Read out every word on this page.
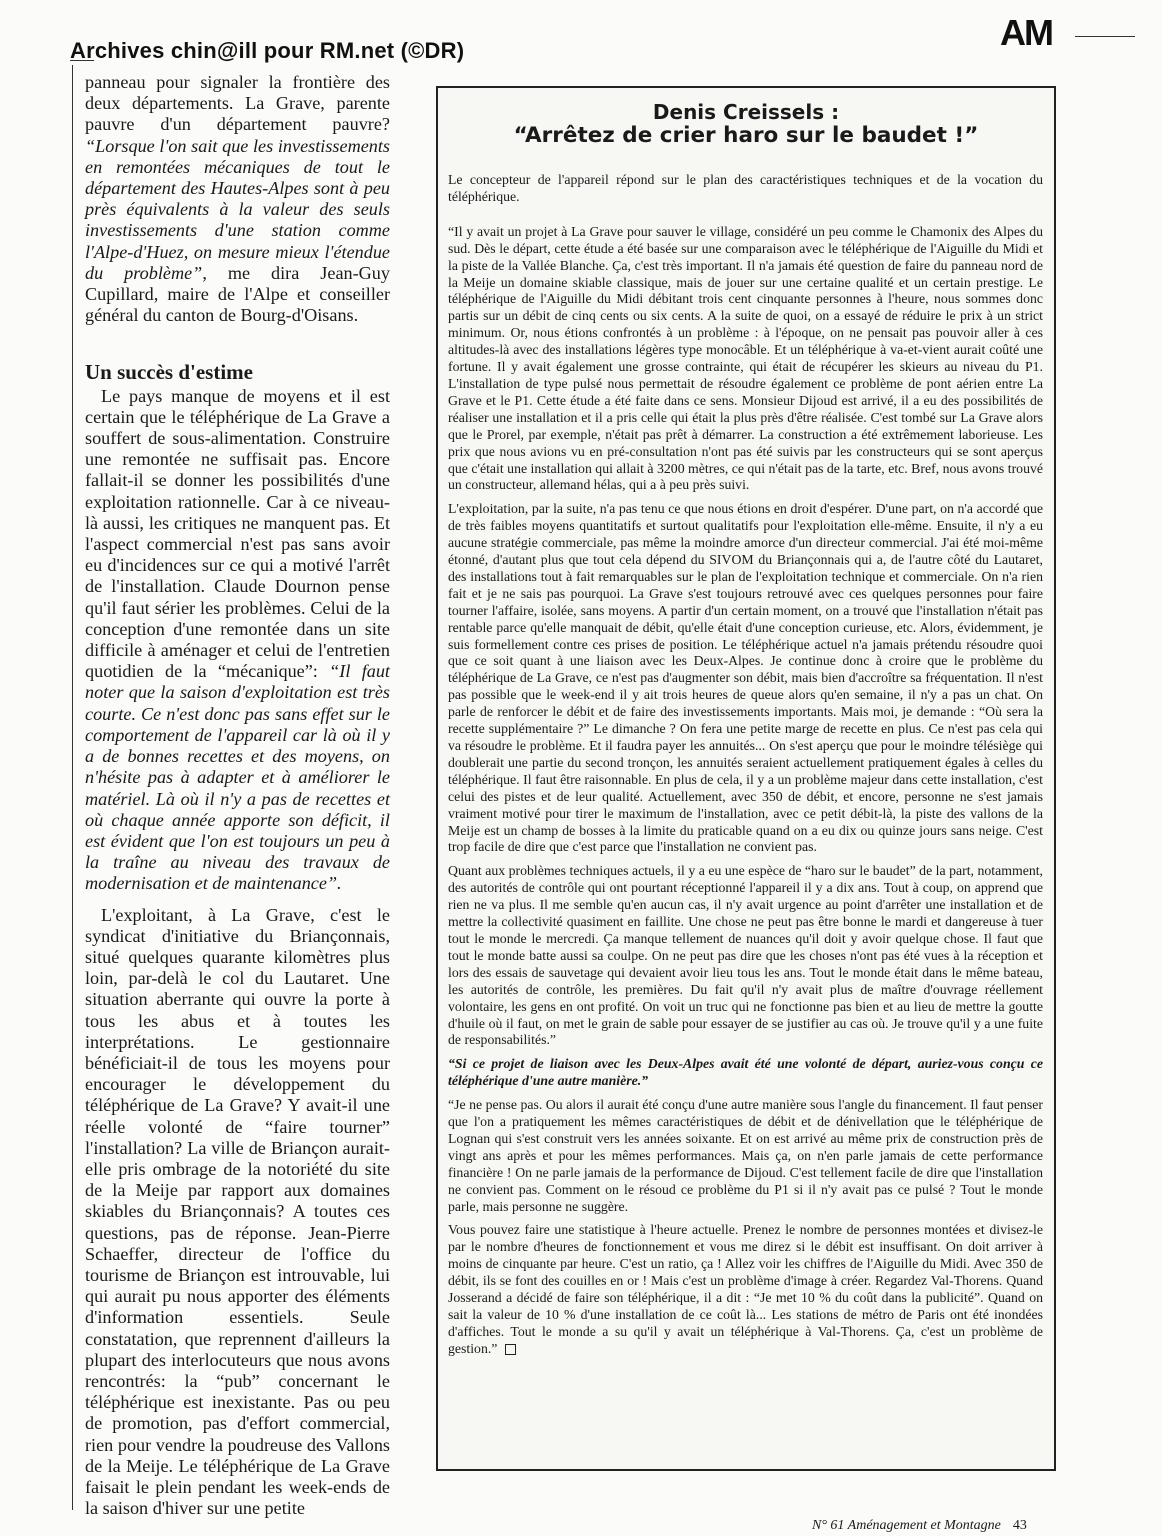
Archives chin@ill pour RM.net (©DR)	AM

panneau pour signaler la frontière des deux départements. La Grave, parente pauvre d'un département pauvre? “Lorsque l'on sait que les investissements en remontées mécaniques de tout le département des Hautes-Alpes sont à peu près équivalents à la valeur des seuls investissements d'une station comme l'Alpe-d'Huez, on mesure mieux l'étendue du problème”, me dira Jean-Guy Cupillard, maire de l'Alpe et conseiller général du canton de Bourg-d'Oisans.

Un succès d'estime

Le pays manque de moyens et il est certain que le téléphérique de La Grave a souffert de sous-alimentation. Construire une remontée ne suffisait pas. Encore fallait-il se donner les possibilités d'une exploitation rationnelle. Car à ce niveau-là aussi, les critiques ne manquent pas. Et l'aspect commercial n'est pas sans avoir eu d'incidences sur ce qui a motivé l'arrêt de l'installation. Claude Dournon pense qu'il faut sérier les problèmes. Celui de la conception d'une remontée dans un site difficile à aménager et celui de l'entretien quotidien de la “mécanique”: “Il faut noter que la saison d'exploitation est très courte. Ce n'est donc pas sans effet sur le comportement de l'appareil car là où il y a de bonnes recettes et des moyens, on n'hésite pas à adapter et à améliorer le matériel. Là où il n'y a pas de recettes et où chaque année apporte son déficit, il est évident que l'on est toujours un peu à la traîne au niveau des travaux de modernisation et de maintenance”.

L'exploitant, à La Grave, c'est le syndicat d'initiative du Briançonnais, situé quelques quarante kilomètres plus loin, par-delà le col du Lautaret. Une situation aberrante qui ouvre la porte à tous les abus et à toutes les interprétations. Le gestionnaire bénéficiait-il de tous les moyens pour encourager le développement du téléphérique de La Grave? Y avait-il une réelle volonté de “faire tourner” l'installation? La ville de Briançon aurait-elle pris ombrage de la notoriété du site de la Meije par rapport aux domaines skiables du Briançonnais? A toutes ces questions, pas de réponse. Jean-Pierre Schaeffer, directeur de l'office du tourisme de Briançon est introuvable, lui qui aurait pu nous apporter des éléments d'information essentiels. Seule constatation, que reprennent d'ailleurs la plupart des interlocuteurs que nous avons rencontrés: la “pub” concernant le téléphérique est inexistante. Pas ou peu de promotion, pas d'effort commercial, rien pour vendre la poudreuse des Vallons de la Meije. Le téléphérique de La Grave faisait le plein pendant les week-ends de la saison d'hiver sur une petite

Denis Creissels :
“Arrêtez de crier haro sur le baudet !”

Le concepteur de l'appareil répond sur le plan des caractéristiques techniques et de la vocation du téléphérique.

“Il y avait un projet à La Grave pour sauver le village, considéré un peu comme le Chamonix des Alpes du sud. Dès le départ, cette étude a été basée sur une comparaison avec le téléphérique de l'Aiguille du Midi et la piste de la Vallée Blanche. Ça, c'est très important. Il n'a jamais été question de faire du panneau nord de la Meije un domaine skiable classique, mais de jouer sur une certaine qualité et un certain prestige. Le téléphérique de l'Aiguille du Midi débitant trois cent cinquante personnes à l'heure, nous sommes donc partis sur un débit de cinq cents ou six cents. A la suite de quoi, on a essayé de réduire le prix à un strict minimum. Or, nous étions confrontés à un problème : à l'époque, on ne pensait pas pouvoir aller à ces altitudes-là avec des installations légères type monocâble. Et un téléphérique à va-et-vient aurait coûté une fortune. Il y avait également une grosse contrainte, qui était de récupérer les skieurs au niveau du P1. L'installation de type pulsé nous permettait de résoudre également ce problème de pont aérien entre La Grave et le P1. Cette étude a été faite dans ce sens. Monsieur Dijoud est arrivé, il a eu des possibilités de réaliser une installation et il a pris celle qui était la plus près d'être réalisée. C'est tombé sur La Grave alors que le Prorel, par exemple, n'était pas prêt à démarrer. La construction a été extrêmement laborieuse. Les prix que nous avions vu en pré-consultation n'ont pas été suivis par les constructeurs qui se sont aperçus que c'était une installation qui allait à 3200 mètres, ce qui n'était pas de la tarte, etc. Bref, nous avons trouvé un constructeur, allemand hélas, qui a à peu près suivi.

L'exploitation, par la suite, n'a pas tenu ce que nous étions en droit d'espérer. D'une part, on n'a accordé que de très faibles moyens quantitatifs et surtout qualitatifs pour l'exploitation elle-même. Ensuite, il n'y a eu aucune stratégie commerciale, pas même la moindre amorce d'un directeur commercial. J'ai été moi-même étonné, d'autant plus que tout cela dépend du SIVOM du Briançonnais qui a, de l'autre côté du Lautaret, des installations tout à fait remarquables sur le plan de l'exploitation technique et commerciale. On n'a rien fait et je ne sais pas pourquoi. La Grave s'est toujours retrouvé avec ces quelques personnes pour faire tourner l'affaire, isolée, sans moyens. A partir d'un certain moment, on a trouvé que l'installation n'était pas rentable parce qu'elle manquait de débit, qu'elle était d'une conception curieuse, etc. Alors, évidemment, je suis formellement contre ces prises de position. Le téléphérique actuel n'a jamais prétendu résoudre quoi que ce soit quant à une liaison avec les Deux-Alpes. Je continue donc à croire que le problème du téléphérique de La Grave, ce n'est pas d'augmenter son débit, mais bien d'accroître sa fréquentation. Il n'est pas possible que le week-end il y ait trois heures de queue alors qu'en semaine, il n'y a pas un chat. On parle de renforcer le débit et de faire des investissements importants. Mais moi, je demande : “Où sera la recette supplémentaire ?” Le dimanche ? On fera une petite marge de recette en plus. Ce n'est pas cela qui va résoudre le problème. Et il faudra payer les annuités... On s'est aperçu que pour le moindre télésiège qui doublerait une partie du second tronçon, les annuités seraient actuellement pratiquement égales à celles du téléphérique. Il faut être raisonnable. En plus de cela, il y a un problème majeur dans cette installation, c'est celui des pistes et de leur qualité. Actuellement, avec 350 de débit, et encore, personne ne s'est jamais vraiment motivé pour tirer le maximum de l'installation, avec ce petit débit-là, la piste des vallons de la Meije est un champ de bosses à la limite du praticable quand on a eu dix ou quinze jours sans neige. C'est trop facile de dire que c'est parce que l'installation ne convient pas.

Quant aux problèmes techniques actuels, il y a eu une espèce de “haro sur le baudet” de la part, notamment, des autorités de contrôle qui ont pourtant réceptionné l'appareil il y a dix ans. Tout à coup, on apprend que rien ne va plus. Il me semble qu'en aucun cas, il n'y avait urgence au point d'arrêter une installation et de mettre la collectivité quasiment en faillite. Une chose ne peut pas être bonne le mardi et dangereuse à tuer tout le monde le mercredi. Ça manque tellement de nuances qu'il doit y avoir quelque chose. Il faut que tout le monde batte aussi sa coulpe. On ne peut pas dire que les choses n'ont pas été vues à la réception et lors des essais de sauvetage qui devaient avoir lieu tous les ans. Tout le monde était dans le même bateau, les autorités de contrôle, les premières. Du fait qu'il n'y avait plus de maître d'ouvrage réellement volontaire, les gens en ont profité. On voit un truc qui ne fonctionne pas bien et au lieu de mettre la goutte d'huile où il faut, on met le grain de sable pour essayer de se justifier au cas où. Je trouve qu'il y a une fuite de responsabilités.”

“Si ce projet de liaison avec les Deux-Alpes avait été une volonté de départ, auriez-vous conçu ce téléphérique d'une autre manière.”

“Je ne pense pas. Ou alors il aurait été conçu d'une autre manière sous l'angle du financement. Il faut penser que l'on a pratiquement les mêmes caractéristiques de débit et de dénivellation que le téléphérique de Lognan qui s'est construit vers les années soixante. Et on est arrivé au même prix de construction près de vingt ans après et pour les mêmes performances. Mais ça, on n'en parle jamais de cette performance financière ! On ne parle jamais de la performance de Dijoud. C'est tellement facile de dire que l'installation ne convient pas. Comment on le résoud ce problème du P1 si il n'y avait pas ce pulsé ? Tout le monde parle, mais personne ne suggère.

Vous pouvez faire une statistique à l'heure actuelle. Prenez le nombre de personnes montées et divisez-le par le nombre d'heures de fonctionnement et vous me direz si le débit est insuffisant. On doit arriver à moins de cinquante par heure. C'est un ratio, ça ! Allez voir les chiffres de l'Aiguille du Midi. Avec 350 de débit, ils se font des couilles en or ! Mais c'est un problème d'image à créer. Regardez Val-Thorens. Quand Josserand a décidé de faire son téléphérique, il a dit : “Je met 10 % du coût dans la publicité”. Quand on sait la valeur de 10 % d'une installation de ce coût là... Les stations de métro de Paris ont été inondées d'affiches. Tout le monde a su qu'il y avait un téléphérique à Val-Thorens. Ça, c'est un problème de gestion.”

N° 61 Aménagement et Montagne 43
